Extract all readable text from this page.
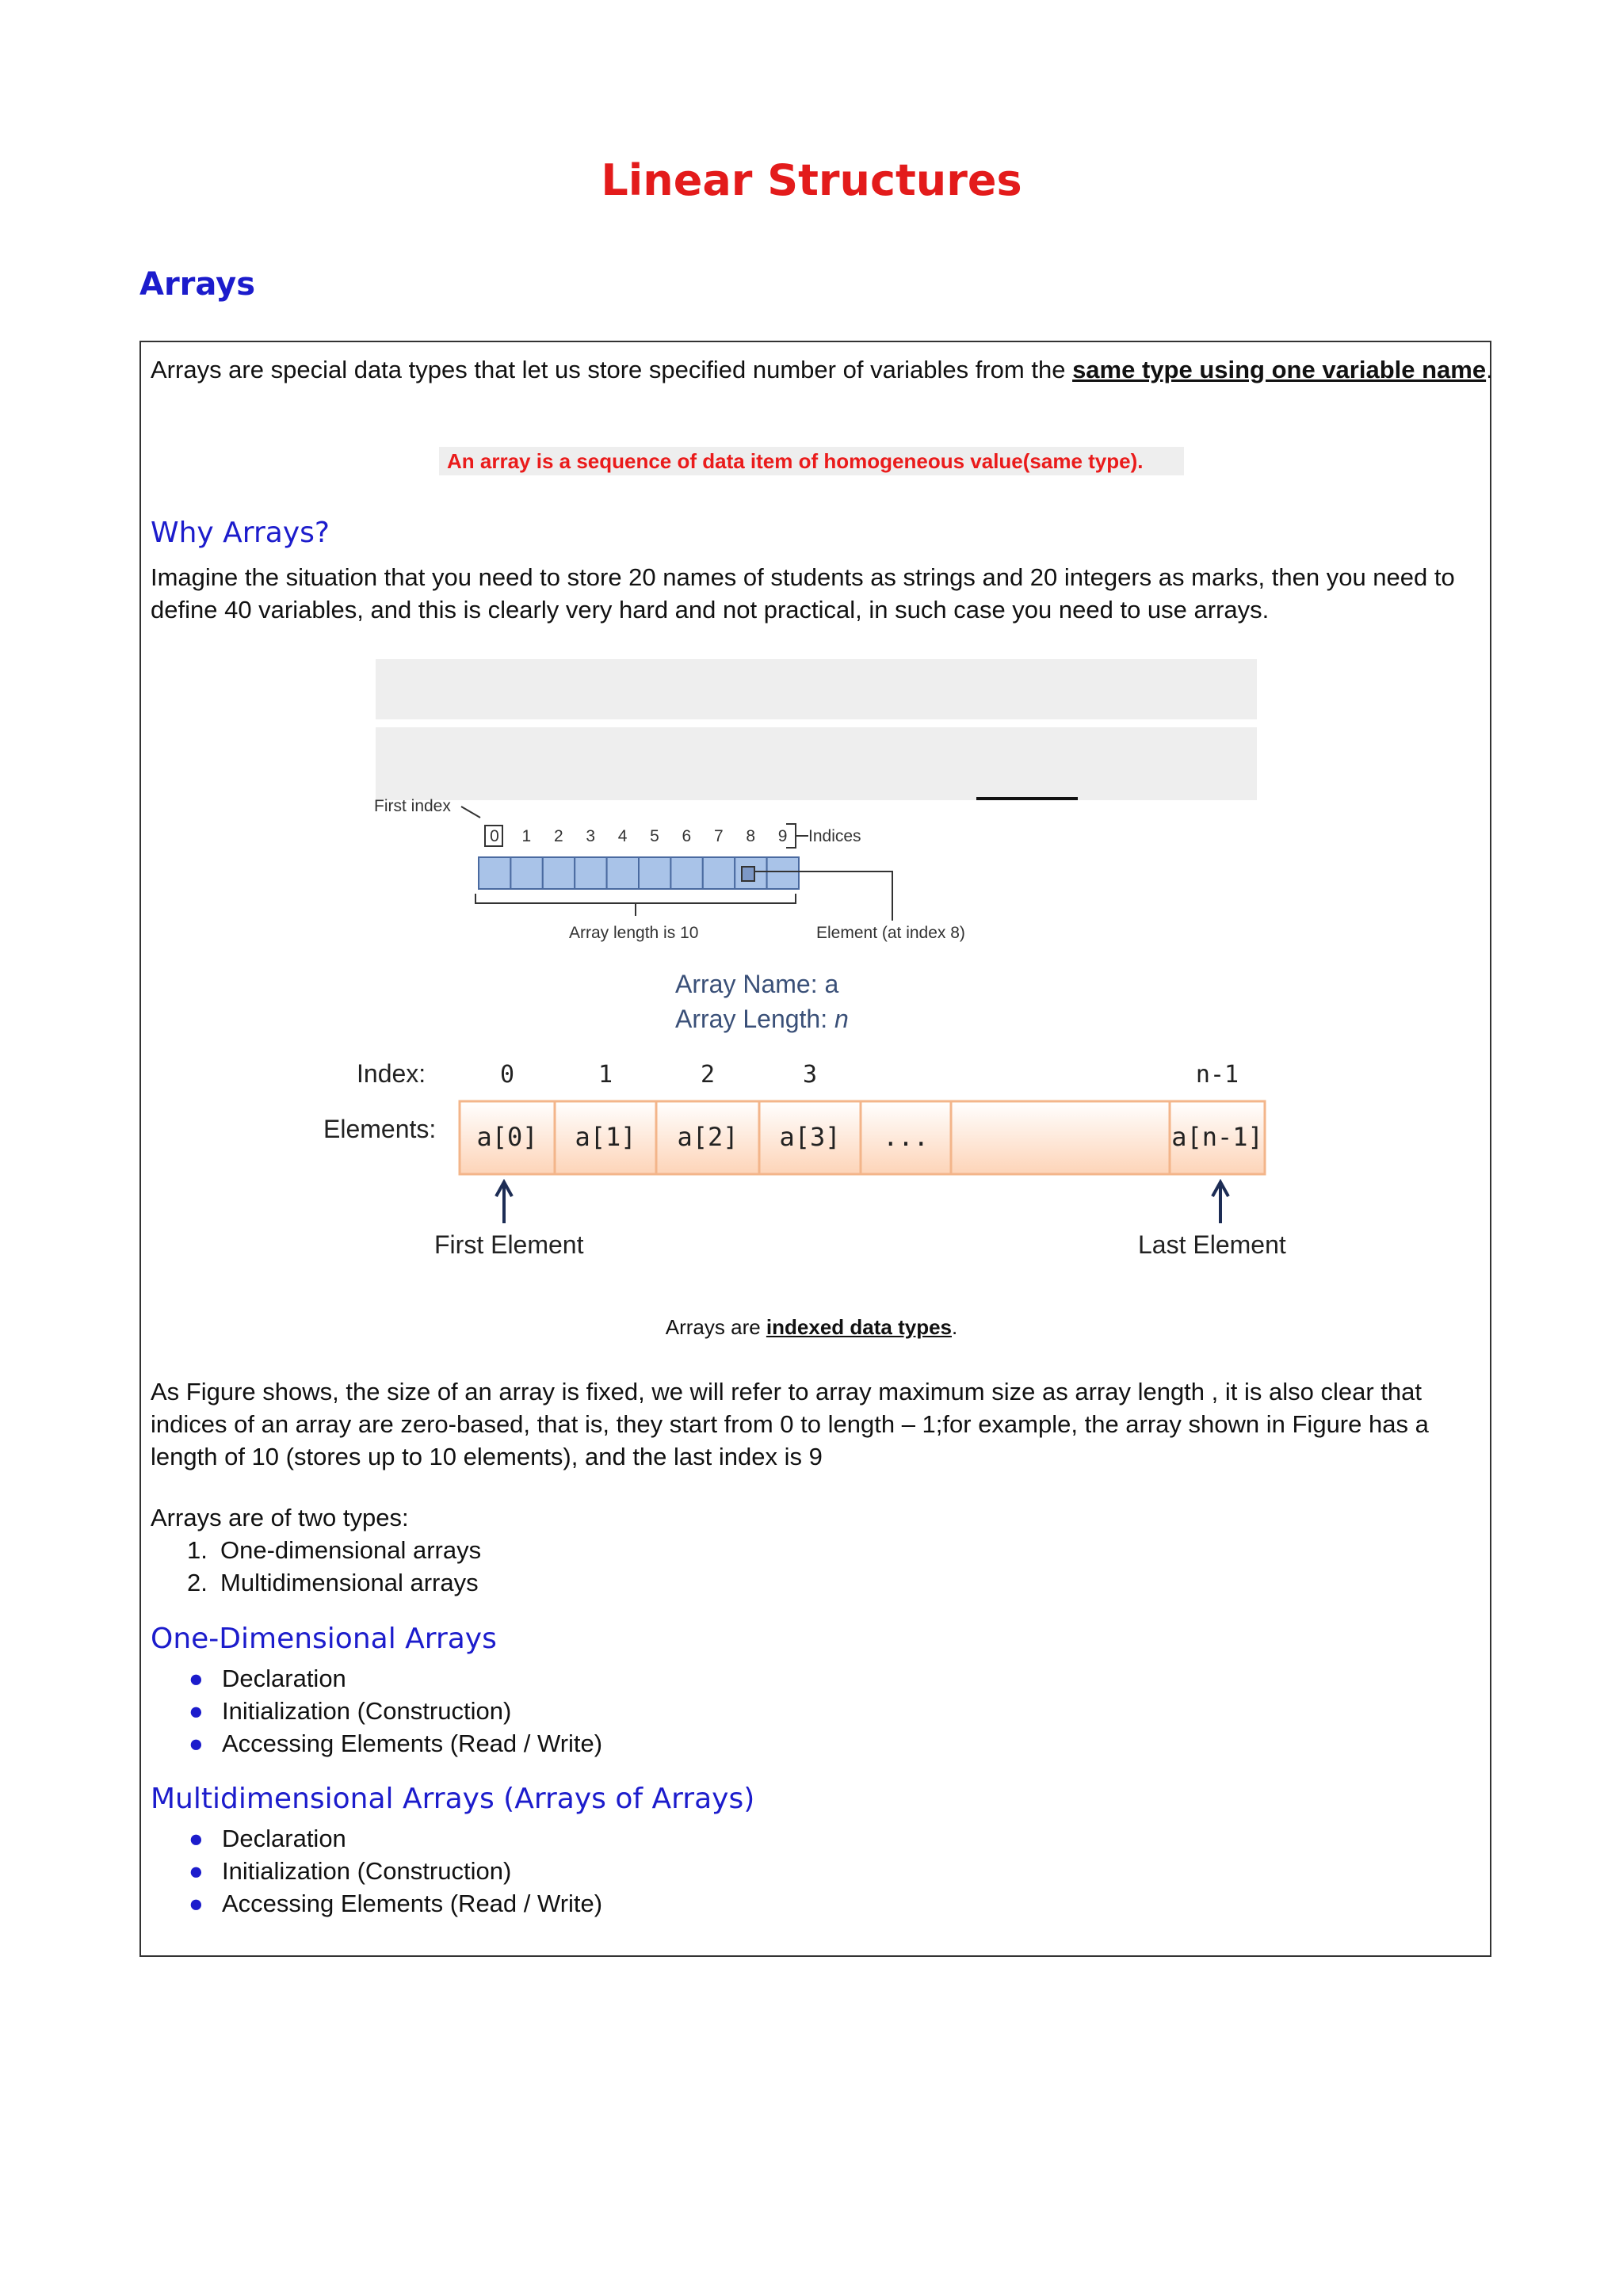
Linear Structures
Arrays
Arrays are special data types that let us store specified number of variables from the same type using one variable name.
An array is a sequence of data item of homogeneous value(same type).
Why Arrays?
Imagine the situation that you need to store 20 names of students as strings and 20 integers as marks, then you need to
define 40 variables, and this is clearly very hard and not practical, in such case you need to use arrays.
First index
0 1 2 3 4 5 6 7 8 9 Indices
Array length is 10	Element (at index 8)
Array Name: a
Array Length: n
Index:
Elements:
0	1	2	3	n-1
a[0] a[1] a[2] a[3] ...	a[n-1]
First Element	Last Element
Arrays are indexed data types.
As Figure shows, the size of an array is fixed, we will refer to array maximum size as array length , it is also clear that
indices of an array are zero-based, that is, they start from 0 to length – 1;for example, the array shown in Figure has a
length of 10 (stores up to 10 elements), and the last index is 9
Arrays are of two types:
1. One-dimensional arrays
2. Multidimensional arrays
One-Dimensional Arrays
● Declaration
● Initialization (Construction)
● Accessing Elements (Read / Write)
Multidimensional Arrays (Arrays of Arrays)
● Declaration
● Initialization (Construction)
● Accessing Elements (Read / Write)
